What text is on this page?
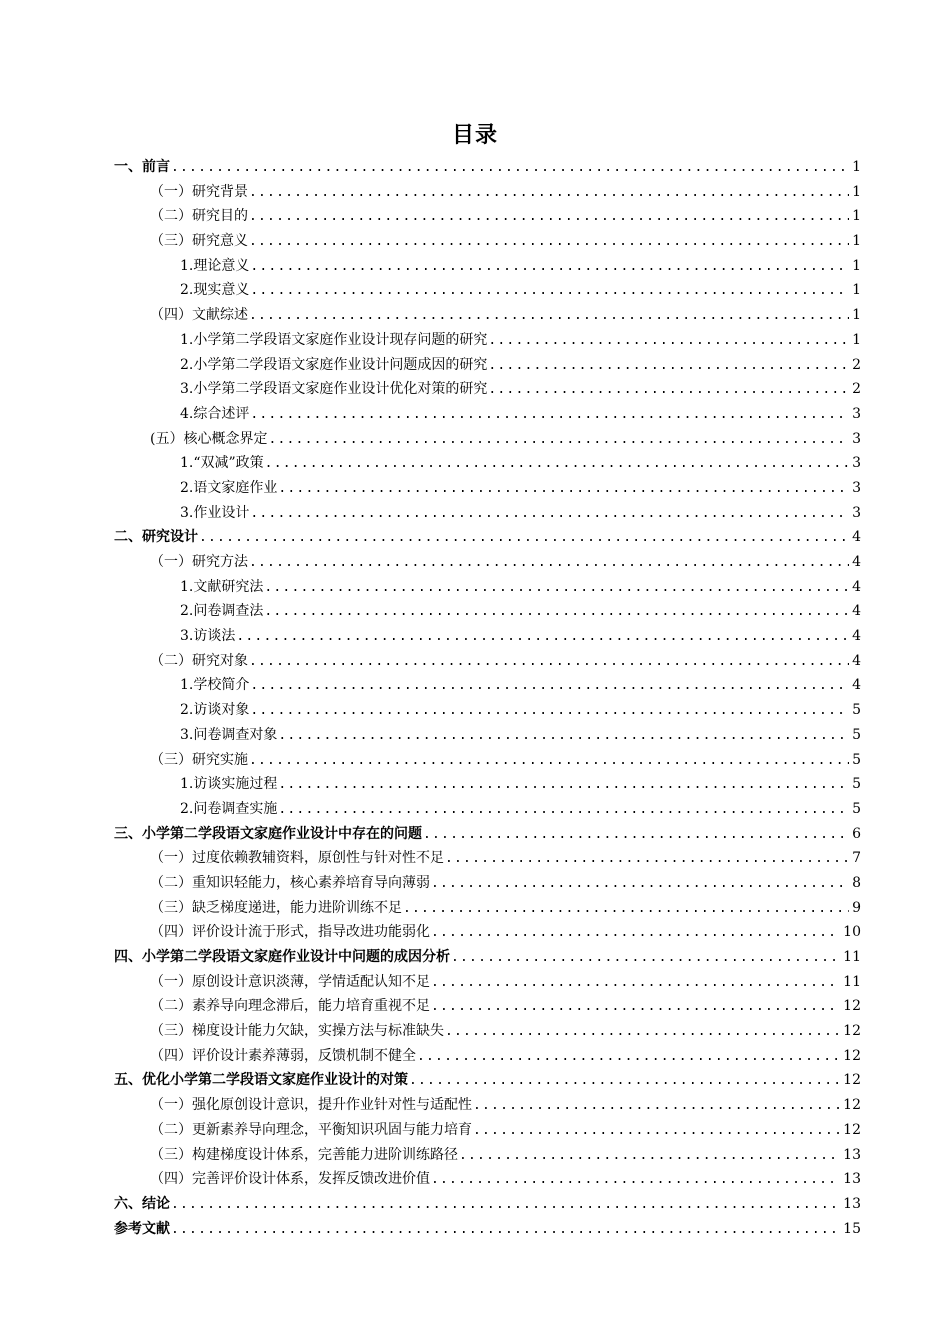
目录
一、前言 .....	1
（一）研究背景 .....	1
（二）研究目的 .....	1
（三）研究意义 .....	1
1.理论意义 .....	1
2.现实意义 .....	1
（四）文献综述 .....	1
1.小学第二学段语文家庭作业设计现存问题的研究 .....	1
2.小学第二学段语文家庭作业设计问题成因的研究 .....	2
3.小学第二学段语文家庭作业设计优化对策的研究 .....	2
4.综合述评 .....	3
(五）核心概念界定 .....	3
1.“双减”政策 .....	3
2.语文家庭作业 .....	3
3.作业设计 .....	3
二、研究设计 .....	4
（一）研究方法 .....	4
1.文献研究法 .....	4
2.问卷调查法 .....	4
3.访谈法 .....	4
（二）研究对象 .....	4
1.学校简介 .....	4
2.访谈对象 .....	5
3.问卷调查对象 .....	5
（三）研究实施 .....	5
1.访谈实施过程 .....	5
2.问卷调查实施 .....	5
三、小学第二学段语文家庭作业设计中存在的问题 .....	6
（一）过度依赖教辅资料，原创性与针对性不足 .....	7
（二）重知识轻能力，核心素养培育导向薄弱 .....	8
（三）缺乏梯度递进，能力进阶训练不足 .....	9
（四）评价设计流于形式，指导改进功能弱化 .....	10
四、小学第二学段语文家庭作业设计中问题的成因分析 .....	11
（一）原创设计意识淡薄，学情适配认知不足 .....	11
（二）素养导向理念滞后，能力培育重视不足 .....	12
（三）梯度设计能力欠缺，实操方法与标准缺失 .....	12
（四）评价设计素养薄弱，反馈机制不健全 .....	12
五、优化小学第二学段语文家庭作业设计的对策 .....	12
（一）强化原创设计意识，提升作业针对性与适配性 .....	12
（二）更新素养导向理念，平衡知识巩固与能力培育 .....	12
（三）构建梯度设计体系，完善能力进阶训练路径 .....	13
（四）完善评价设计体系，发挥反馈改进价值 .....	13
六、结论 .....	13
参考文献 .....	15
